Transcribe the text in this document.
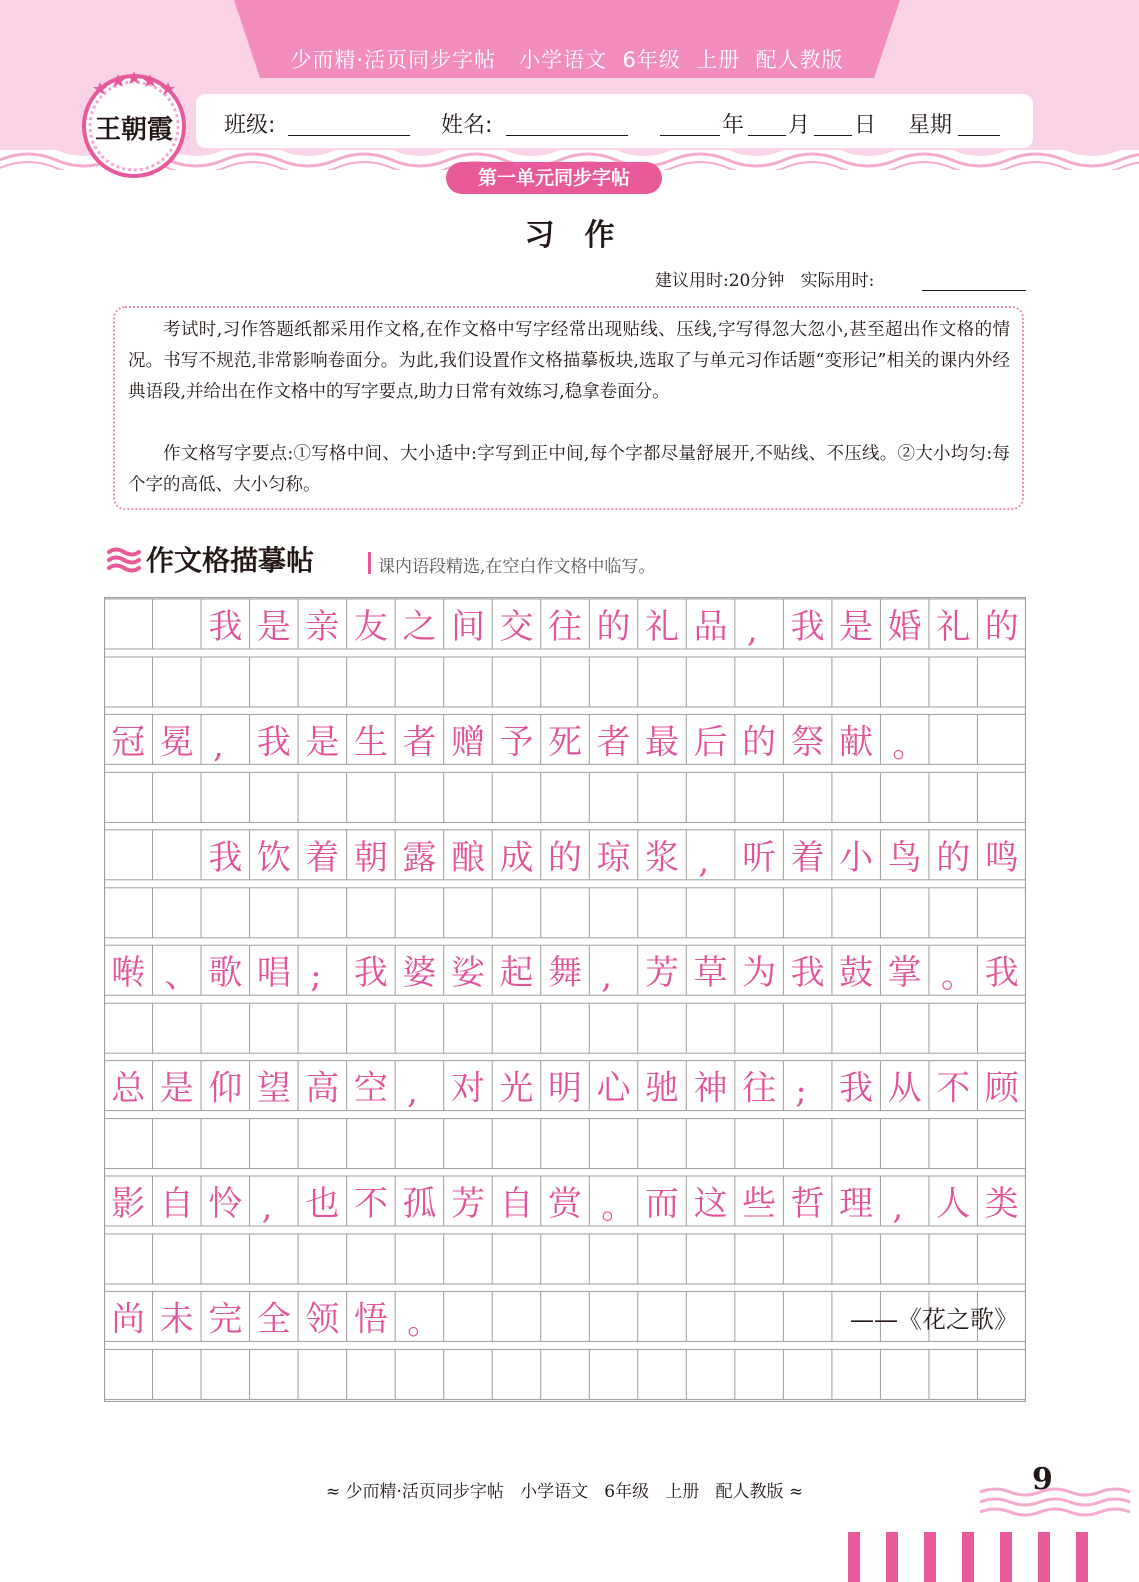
少而精·活页同步字帖   小学语文  6年级  上册  配人教版
班级:	姓名:	年 月 日 星期
王朝霞
第一单元同步字帖
习作
建议用时:20分钟   实际用时:
考试时,习作答题纸都采用作文格,在作文格中写字经常出现贴线、压线,字写得忽大忽小,甚至超出作文格的情况。书写不规范,非常影响卷面分。为此,我们设置作文格描摹板块,选取了与单元习作话题“变形记”相关的课内外经典语段,并给出在作文格中的写字要点,助力日常有效练习,稳拿卷面分。
作文格写字要点:①写格中间、大小适中:字写到正中间,每个字都尽量舒展开,不贴线、不压线。②大小均匀:每个字的高低、大小匀称。
作文格描摹帖	课内语段精选,在空白作文格中临写。
我 是 亲 友 之 间 交 往 的 礼 品 , 我 是 婚 礼 的
冠 冕 , 我 是 生 者 赠 予 死 者 最 后 的 祭 献 。
我 饮 着 朝 露 酿 成 的 琼 浆 , 听 着 小 鸟 的 鸣
啭 、 歌 唱 ; 我 婆 娑 起 舞 , 芳 草 为 我 鼓 掌 。 我
总 是 仰 望 高 空 , 对 光 明 心 驰 神 往 ; 我 从 不 顾
影 自 怜 , 也 不 孤 芳 自 赏 。 而 这 些 哲 理 , 人 类
尚 未 完 全 领 悟 。	——《花之歌》
≈ 少而精·活页同步字帖   小学语文   6年级   上册   配人教版 ≈	9
